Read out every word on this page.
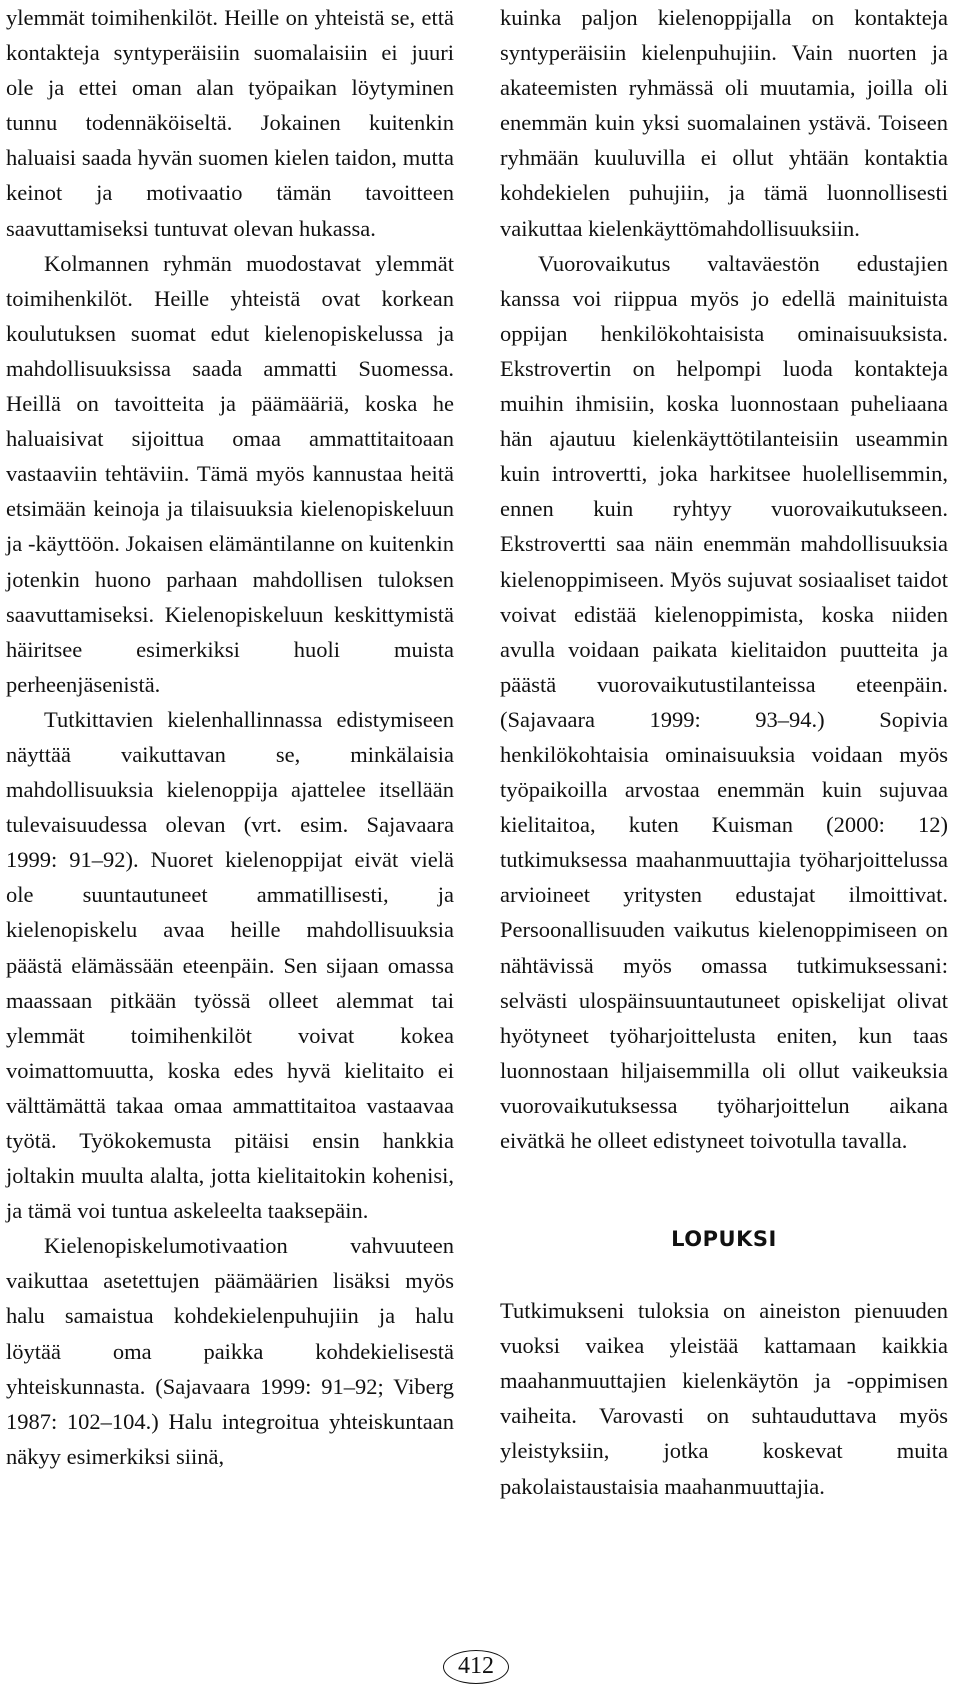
ylemmät toimihenkilöt. Heille on yhteistä se, että kontakteja syntyperäisiin suomalaisiin ei juuri ole ja ettei oman alan työpaikan löytyminen tunnu todennäköiseltä. Jokainen kuitenkin haluaisi saada hyvän suomen kielen taidon, mutta keinot ja motivaatio tämän tavoitteen saavuttamiseksi tuntuvat olevan hukassa.

Kolmannen ryhmän muodostavat ylemmät toimihenkilöt. Heille yhteistä ovat korkean koulutuksen suomat edut kielenopiskelussa ja mahdollisuuksissa saada ammatti Suomessa. Heillä on tavoitteita ja päämääriä, koska he haluaisivat sijoittua omaa ammattitaitoaan vastaaviin tehtäviin. Tämä myös kannustaa heitä etsimään keinoja ja tilaisuuksia kielenopiskeluun ja -käyttöön. Jokaisen elämäntilanne on kuitenkin jotenkin huono parhaan mahdollisen tuloksen saavuttamiseksi. Kielenopiskeluun keskittymistä häiritsee esimerkiksi huoli muista perheenjäsenistä.

Tutkittavien kielenhallinnassa edistymiseen näyttää vaikuttavan se, minkälaisia mahdollisuuksia kielenoppija ajattelee itsellään tulevaisuudessa olevan (vrt. esim. Sajavaara 1999: 91–92). Nuoret kielenoppijat eivät vielä ole suuntautuneet ammatillisesti, ja kielenopiskelu avaa heille mahdollisuuksia päästä elämässään eteenpäin. Sen sijaan omassa maassaan pitkään työssä olleet alemmat tai ylemmät toimihenkilöt voivat kokea voimattomuutta, koska edes hyvä kielitaito ei välttämättä takaa omaa ammattitaitoa vastaavaa työtä. Työkokemusta pitäisi ensin hankkia joltakin muulta alalta, jotta kielitaitokin kohenisi, ja tämä voi tuntua askeleelta taaksepäin.

Kielenopiskelumotivaation vahvuuteen vaikuttaa asetettujen päämäärien lisäksi myös halu samaistua kohdekielenpuhujiin ja halu löytää oma paikka kohdekielisestä yhteiskunnasta. (Sajavaara 1999: 91–92; Viberg 1987: 102–104.) Halu integroitua yhteiskuntaan näkyy esimerkiksi siinä,

kuinka paljon kielenoppijalla on kontakteja syntyperäisiin kielenpuhujiin. Vain nuorten ja akateemisten ryhmässä oli muutamia, joilla oli enemmän kuin yksi suomalainen ystävä. Toiseen ryhmään kuuluvilla ei ollut yhtään kontaktia kohdekielen puhujiin, ja tämä luonnollisesti vaikuttaa kielenkäyttömahdollisuuksiin.

Vuorovaikutus valtaväestön edustajien kanssa voi riippua myös jo edellä mainituista oppijan henkilökohtaisista ominaisuuksista. Ekstrovertin on helpompi luoda kontakteja muihin ihmisiin, koska luonnostaan puheliaana hän ajautuu kielenkäyttötilanteisiin useammin kuin introvertti, joka harkitsee huolellisemmin, ennen kuin ryhtyy vuorovaikutukseen. Ekstrovertti saa näin enemmän mahdollisuuksia kielenoppimiseen. Myös sujuvat sosiaaliset taidot voivat edistää kielenoppimista, koska niiden avulla voidaan paikata kielitaidon puutteita ja päästä vuorovaikutustilanteissa eteenpäin. (Sajavaara 1999: 93–94.) Sopivia henkilökohtaisia ominaisuuksia voidaan myös työpaikoilla arvostaa enemmän kuin sujuvaa kielitaitoa, kuten Kuisman (2000: 12) tutkimuksessa maahanmuuttajia työharjoittelussa arvioineet yritysten edustajat ilmoittivat. Persoonallisuuden vaikutus kielenoppimiseen on nähtävissä myös omassa tutkimuksessani: selvästi ulospäinsuuntautuneet opiskelijat olivat hyötyneet työharjoittelusta eniten, kun taas luonnostaan hiljaisemmilla oli ollut vaikeuksia vuorovaikutuksessa työharjoittelun aikana eivätkä he olleet edistyneet toivotulla tavalla.

LOPUKSI

Tutkimukseni tuloksia on aineiston pienuuden vuoksi vaikea yleistää kattamaan kaikkia maahanmuuttajien kielenkäytön ja -oppimisen vaiheita. Varovasti on suhtauduttava myös yleistyksiin, jotka koskevat muita pakolaistaustaisia maahanmuuttajia.

412
